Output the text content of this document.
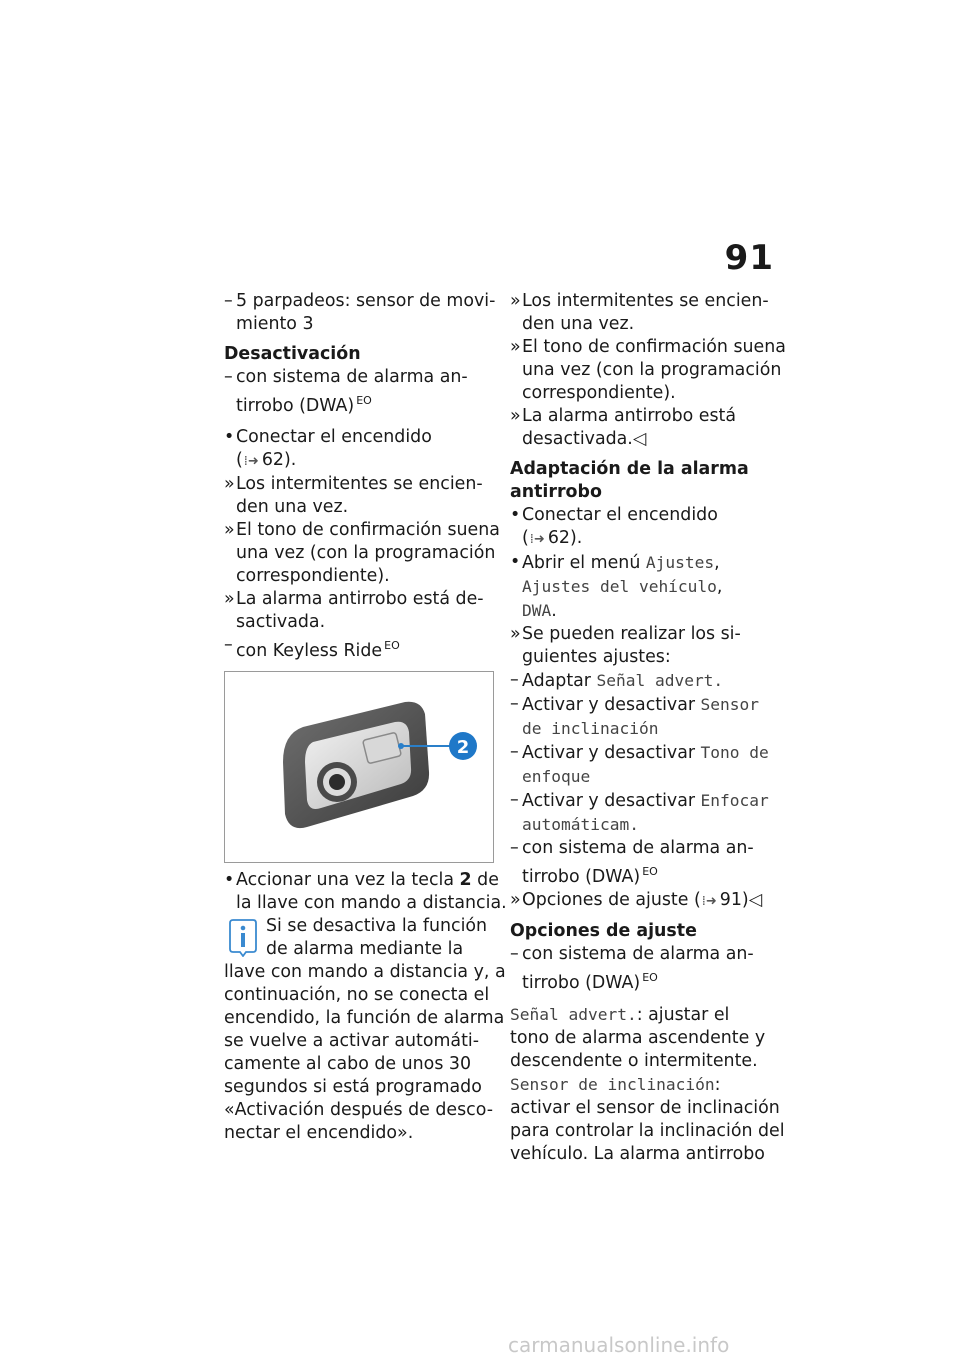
91
– 5 parpadeos: sensor de movi-
miento 3
Desactivación
– con sistema de alarma an-
tirrobo (DWA) $^{EO}$
• Conectar el encendido
(⁞➜ 62).
» Los intermitentes se encien-
den una vez.
» El tono de confirmación suena
una vez (con la programación
correspondiente).
» La alarma antirrobo está de-
sactivada.
– con Keyless Ride $^{EO}$
2
• Accionar una vez la tecla 2 de
la llave con mando a distancia.
Si se desactiva la función
de alarma mediante la
llave con mando a distancia y, a
continuación, no se conecta el
encendido, la función de alarma
se vuelve a activar automáti-
camente al cabo de unos 30
segundos si está programado
«Activación después de desco-
nectar el encendido».
» Los intermitentes se encien-
den una vez.
» El tono de confirmación suena
una vez (con la programación
correspondiente).
» La alarma antirrobo está
desactivada.◁
Adaptación de la alarma
antirrobo
• Conectar el encendido
(⁞➜ 62).
• Abrir el menú Ajustes,
Ajustes del vehículo,
DWA.
» Se pueden realizar los si-
guientes ajustes:
– Adaptar Señal advert.
– Activar y desactivar Sensor
de inclinación
– Activar y desactivar Tono de
enfoque
– Activar y desactivar Enfocar
automáticam.
– con sistema de alarma an-
tirrobo (DWA) $^{EO}$
» Opciones de ajuste (⁞➜ 91)◁
Opciones de ajuste
– con sistema de alarma an-
tirrobo (DWA) $^{EO}$
Señal advert.: ajustar el
tono de alarma ascendente y
descendente o intermitente.
Sensor de inclinación:
activar el sensor de inclinación
para controlar la inclinación del
vehículo. La alarma antirrobo
carmanualsonline.info
